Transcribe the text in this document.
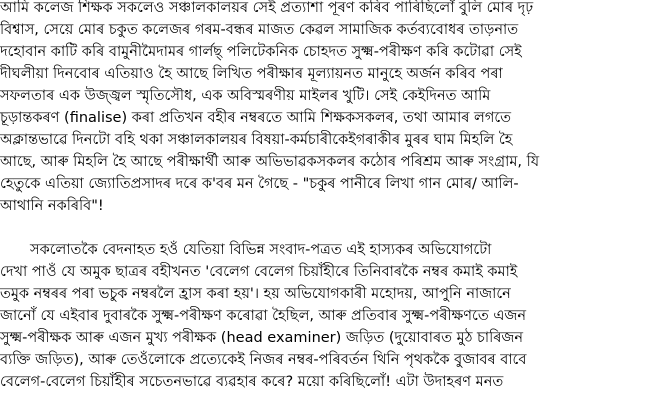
আমি কলেজ শিক্ষক সকলেও সঞ্চালকালয়ৰ সেই প্ৰত্যাশা পূৰণ কৰিব পাৰিছিলোঁ বুলি মোৰ দৃঢ়
বিশ্বাস, সেয়ে মোৰ চকুত কলেজৰ গৰম-বন্ধৰ মাজত কেৱল সামাজিক কৰ্তব্যবোধৰ তাড়নাত
দহোবান কাটি কৰি বামুনীমৈদামৰ গাৰ্লছ্ পলিটেকনিক চোহদত সুক্ষ্ম-পৰীক্ষণ কৰি কটোৱা সেই
দীঘলীয়া দিনবোৰ এতিয়াও হৈ আছে লিখিত পৰীক্ষাৰ মূল্যায়নত মানুহে অৰ্জন কৰিব পৰা
সফলতাৰ এক উজ্জ্বল স্মৃতিসৌধ, এক অবিস্মৰণীয় মাইলৰ খুটি। সেই কেইদিনত আমি
চূড়ান্তকৰণ (finalise) কৰা প্ৰতিখন বহীৰ নম্বৰতে আমি শিক্ষকসকলৰ, তথা আমাৰ লগতে
অক্লান্তভাৱে দিনটো বহি থকা সঞ্চালকালয়ৰ বিষয়া-কৰ্মচাৰীকেইগৰাকীৰ মুৰৰ ঘাম মিহলি হৈ
আছে, আৰু মিহলি হৈ আছে পৰীক্ষাৰ্থী আৰু অভিভাৱকসকলৰ কঠোৰ পৰিশ্ৰম আৰু সংগ্ৰাম, যি
হেতুকে এতিয়া জ্যোতিপ্ৰসাদৰ দৰে ক'বৰ মন গৈছে - "চকুৰ পানীৰে লিখা গান মোৰ/ আলি-
আথানি নকৰিবি"!
সকলোতকৈ বেদনাহত হওঁ যেতিয়া বিভিন্ন সংবাদ-পত্ৰত এই হাস্যকৰ অভিযোগটো
দেখা পাওঁ যে অমুক ছাত্ৰৰ বহীখনত 'বেলেগ বেলেগ চিয়াঁহীৰে তিনিবাৰকৈ নম্বৰ কমাই কমাই
তমুক নম্বৰৰ পৰা ভচুক নম্বৰলৈ হ্ৰাস কৰা হয়'। হয় অভিযোগকাৰী মহোদয়, আপুনি নাজানে
জানোঁ যে এইবাৰ দুবাৰকৈ সুক্ষ্ম-পৰীক্ষণ কৰোৱা হৈছিল, আৰু প্ৰতিবাৰ সুক্ষ্ম-পৰীক্ষণতে এজন
সুক্ষ্ম-পৰীক্ষক আৰু এজন মুখ্য পৰীক্ষক (head examiner) জড়িত (দুয়োবাৰত মুঠ চাৰিজন
ব্যক্তি জড়িত), আৰু তেওঁলোকে প্ৰত্যেকেই নিজৰ নম্বৰ-পৰিবৰ্তন থিনি পৃথককৈ বুজাবৰ বাবে
বেলেগ-বেলেগ চিয়াঁহীৰ সচেতনভাৱে ব্যৱহাৰ কৰে? ময়ো কৰিছিলোঁ! এটা উদাহৰণ মনত
